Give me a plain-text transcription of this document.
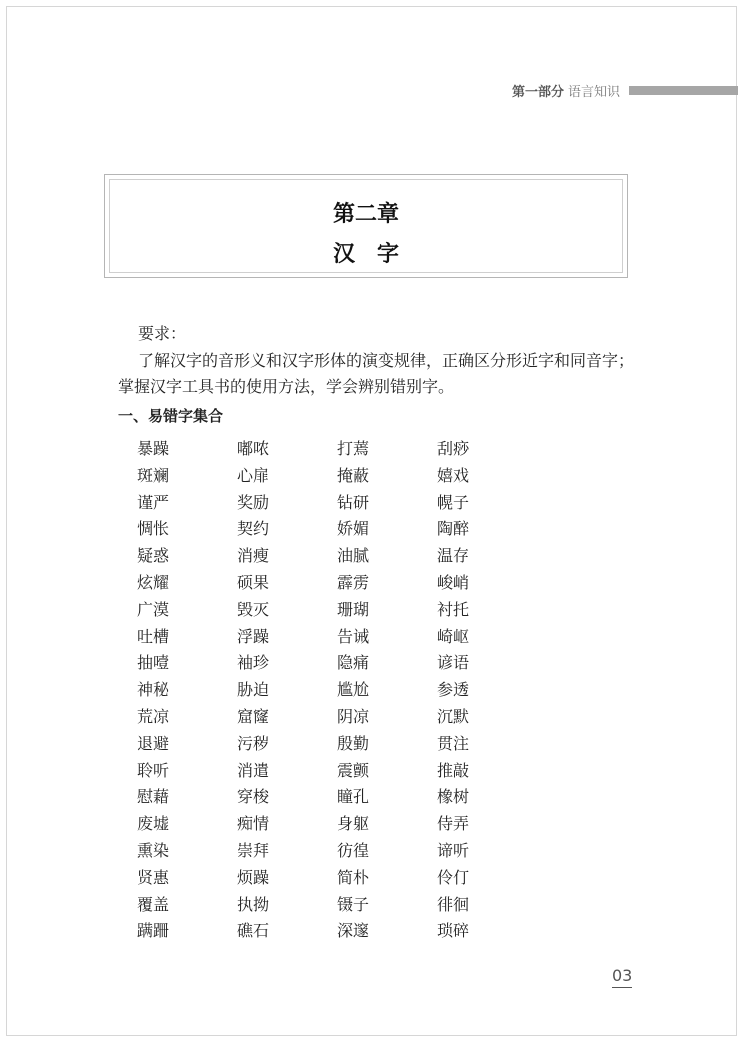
第一部分 语言知识
第二章
汉字
要求：
了解汉字的音形义和汉字形体的演变规律，正确区分形近字和同音字；掌握汉字工具书的使用方法，学会辨别错别字。
一、易错字集合
暴躁	嘟哝	打蔫	刮痧
斑斓	心扉	掩蔽	嬉戏
谨严	奖励	钻研	幌子
惆怅	契约	娇媚	陶醉
疑惑	消瘦	油腻	温存
炫耀	硕果	霹雳	峻峭
广漠	毁灭	珊瑚	衬托
吐槽	浮躁	告诫	崎岖
抽噎	袖珍	隐痛	谚语
神秘	胁迫	尴尬	参透
荒凉	窟窿	阴凉	沉默
退避	污秽	殷勤	贯注
聆听	消遣	震颤	推敲
慰藉	穿梭	瞳孔	橡树
废墟	痴情	身躯	侍弄
熏染	崇拜	彷徨	谛听
贤惠	烦躁	简朴	伶仃
覆盖	执拗	镊子	徘徊
蹒跚	礁石	深邃	琐碎
03
